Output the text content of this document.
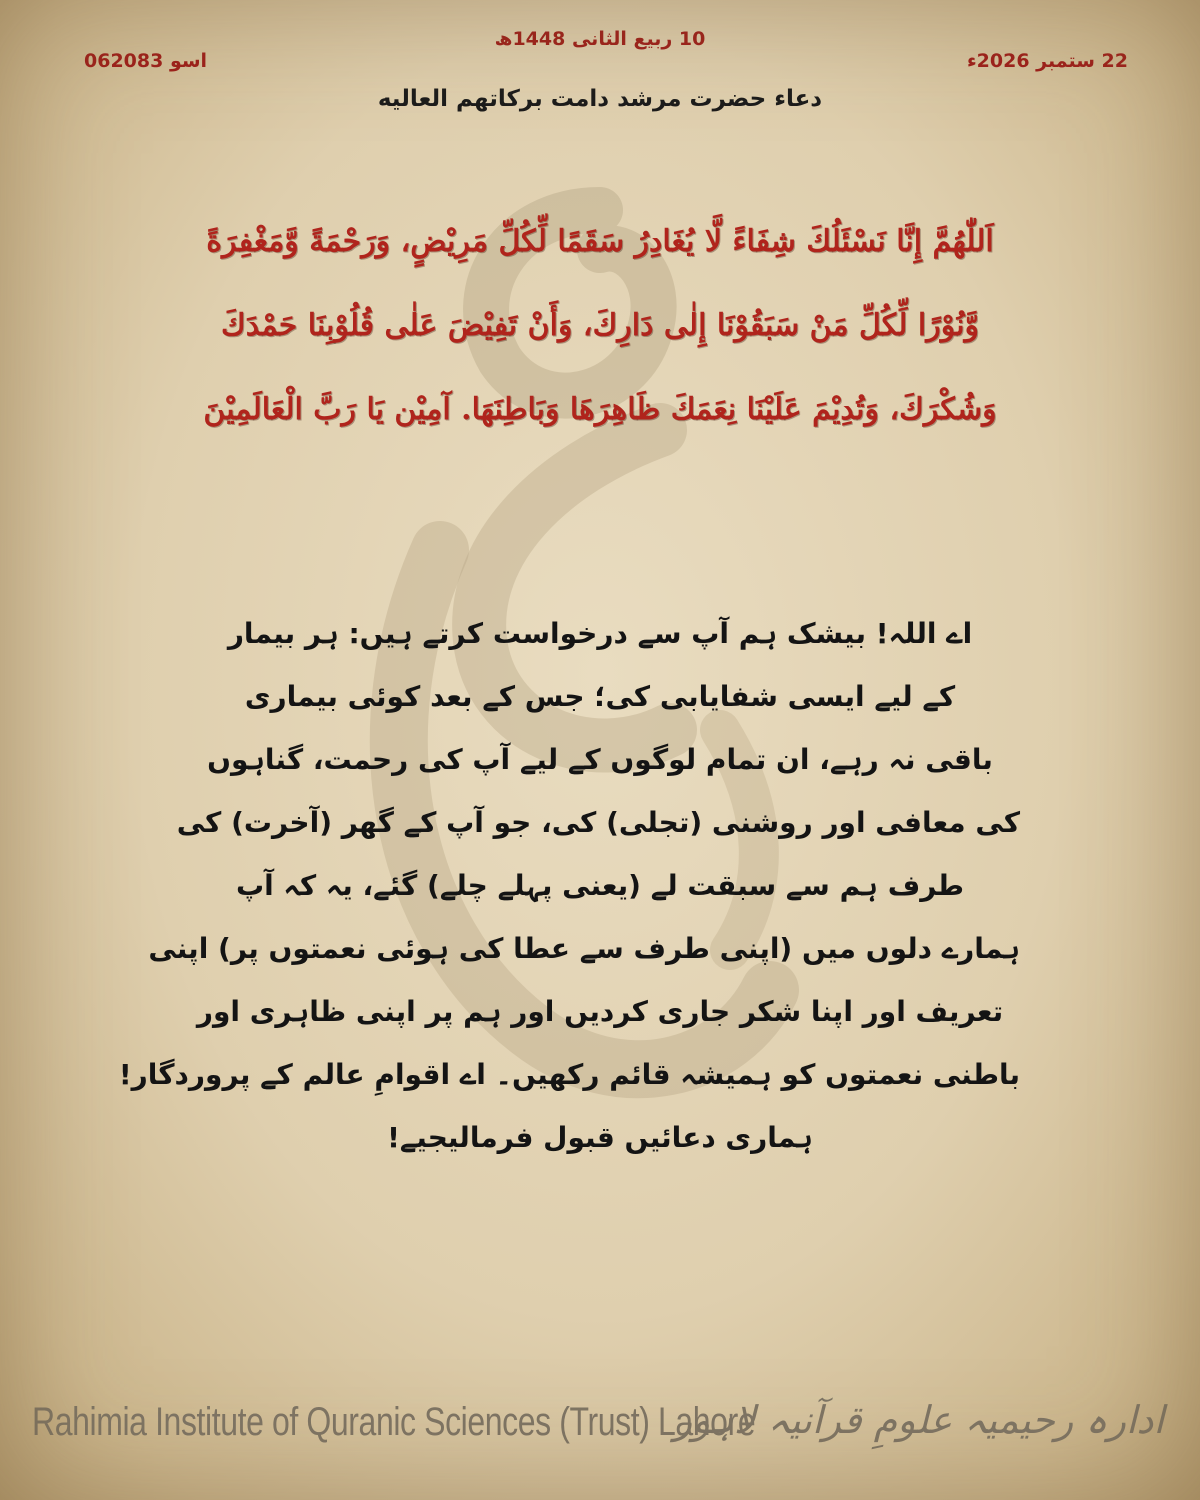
10 ربیع الثانی 1448ھ
06اسو 2083	22 ستمبر 2026ء
دعاء حضرت مرشد دامت برکاتهم العالیه
اَللّٰهُمَّ إِنَّا نَسْئَلُكَ شِفَاءً لَّا يُغَادِرُ سَقَمًا لِّكُلِّ مَرِيْضٍ، وَرَحْمَةً وَّمَغْفِرَةً
وَّنُوْرًا لِّكُلِّ مَنْ سَبَقُوْنَا إِلٰى دَارِكَ، وَأَنْ تَفِيْضَ عَلٰى قُلُوْبِنَا حَمْدَكَ
وَشُكْرَكَ، وَتُدِيْمَ عَلَيْنَا نِعَمَكَ ظَاهِرَهَا وَبَاطِنَهَا. آمِيْن يَا رَبَّ الْعَالَمِيْنَ
اے اللہ! بیشک ہم آپ سے درخواست کرتے ہیں: ہر بیمار
کے لیے ایسی شفایابی کی؛ جس کے بعد کوئی بیماری
باقی نہ رہے، ان تمام لوگوں کے لیے آپ کی رحمت، گناہوں
کی معافی اور روشنی (تجلی) کی، جو آپ کے گھر (آخرت) کی
طرف ہم سے سبقت لے (یعنی پہلے چلے) گئے، یہ کہ آپ
ہمارے دلوں میں (اپنی طرف سے عطا کی ہوئی نعمتوں پر) اپنی
تعریف اور اپنا شکر جاری کردیں اور ہم پر اپنی ظاہری اور
باطنی نعمتوں کو ہمیشہ قائم رکھیں۔ اے اقوامِ عالم کے پروردگار!
ہماری دعائیں قبول فرمالیجیے!
Rahimia Institute of Quranic Sciences (Trust) Lahore
ادارہ رحیمیہ علومِ قرآنیہ لاہور
